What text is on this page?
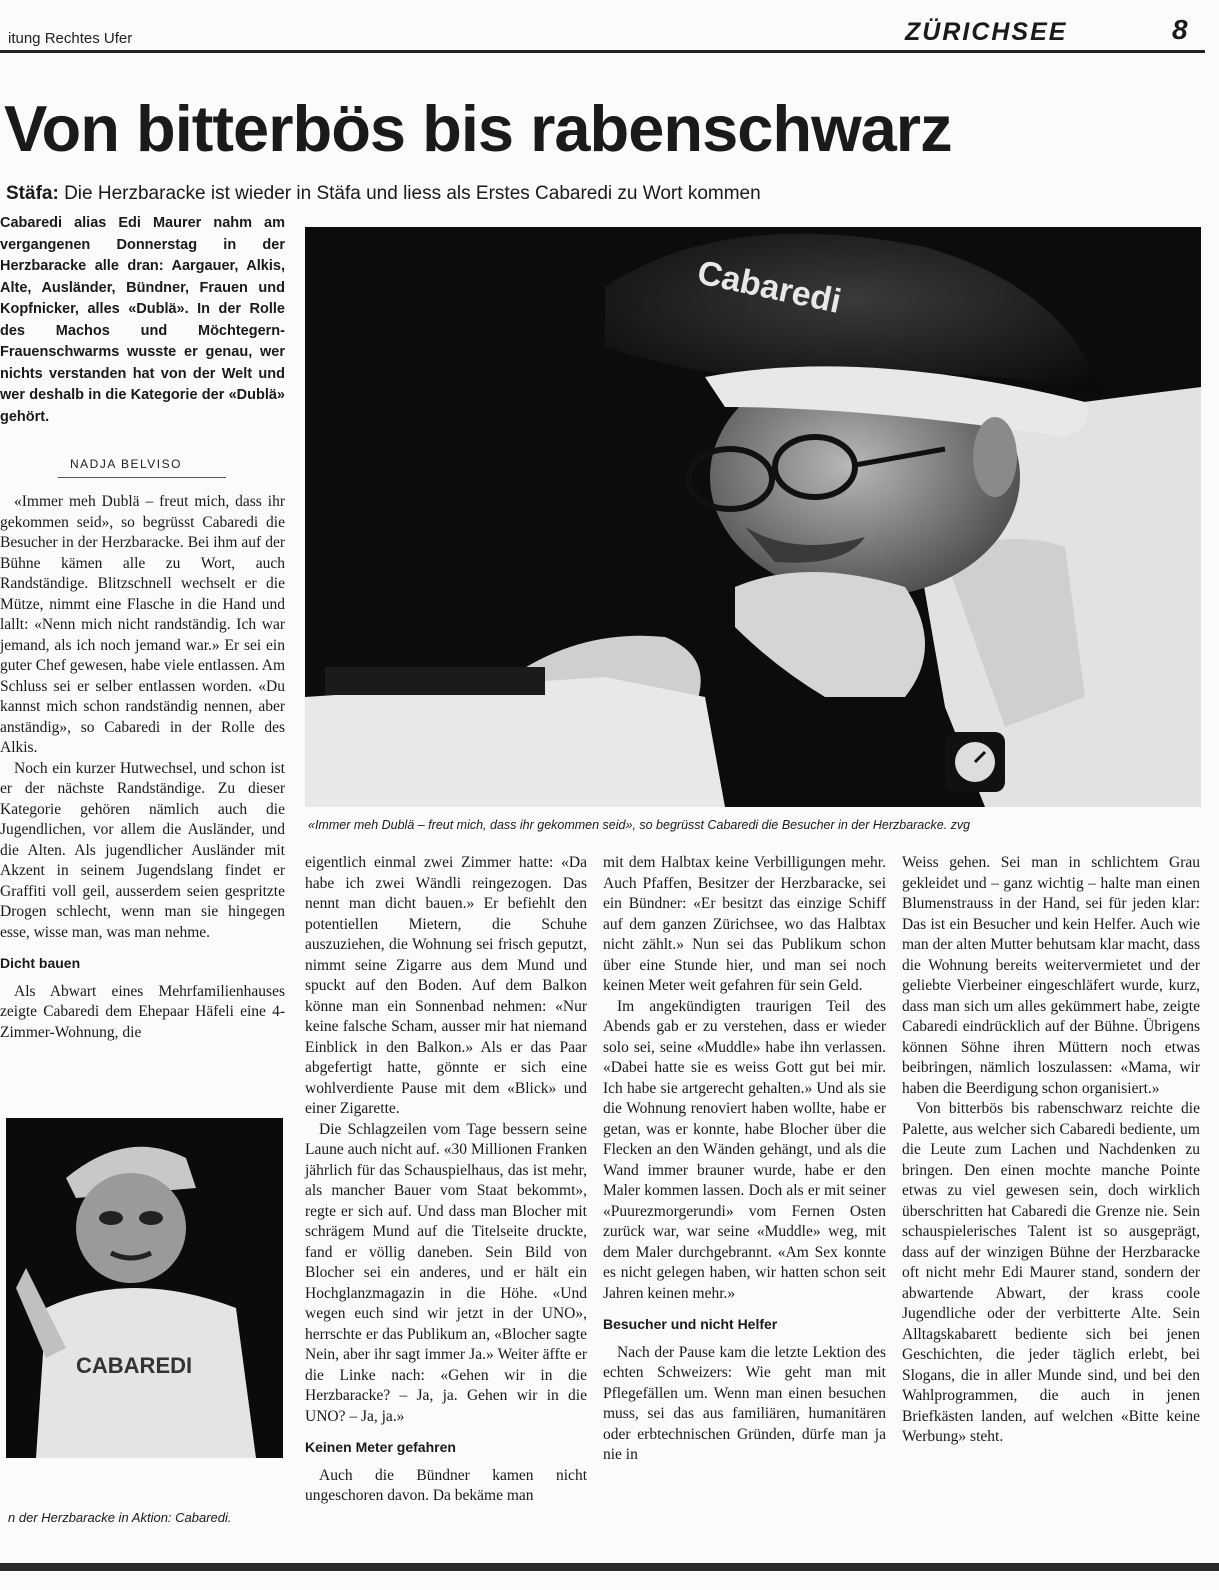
itung Rechtes Ufer	ZÜRICHSEE	8
Von bitterbös bis rabenschwarz
Stäfa: Die Herzbaracke ist wieder in Stäfa und liess als Erstes Cabaredi zu Wort kommen
Cabaredi alias Edi Maurer nahm am vergangenen Donnerstag in der Herzbaracke alle dran: Aargauer, Alkis, Alte, Ausländer, Bündner, Frauen und Kopfnicker, alles «Dublä». In der Rolle des Machos und Möchtegern-Frauenschwarms wusste er genau, wer nichts verstanden hat von der Welt und wer deshalb in die Kategorie der «Dublä» gehört.
NADJA BELVISO
Cabaredi
«Immer meh Dublä – freut mich, dass ihr gekommen seid», so begrüsst Cabaredi die Besucher in der Herzbaracke. zvg
CABAREDI
n der Herzbaracke in Aktion: Cabaredi.

«Immer meh Dublä – freut mich, dass ihr gekommen seid», so begrüsst Cabaredi die Besucher in der Herzbaracke. Bei ihm auf der Bühne kämen alle zu Wort, auch Randständige. Blitzschnell wechselt er die Mütze, nimmt eine Flasche in die Hand und lallt: «Nenn mich nicht randständig. Ich war jemand, als ich noch jemand war.» Er sei ein guter Chef gewesen, habe viele entlassen. Am Schluss sei er selber entlassen worden. «Du kannst mich schon randständig nennen, aber anständig», so Cabaredi in der Rolle des Alkis.

Noch ein kurzer Hutwechsel, und schon ist er der nächste Randständige. Zu dieser Kategorie gehören nämlich auch die Jugendlichen, vor allem die Ausländer, und die Alten. Als jugendlicher Ausländer mit Akzent in seinem Jugendslang findet er Graffiti voll geil, ausserdem seien gespritzte Drogen schlecht, wenn man sie hingegen esse, wisse man, was man nehme.

Dicht bauen

Als Abwart eines Mehrfamilienhauses zeigte Cabaredi dem Ehepaar Häfeli eine 4-Zimmer-Wohnung, die

eigentlich einmal zwei Zimmer hatte: «Da habe ich zwei Wändli reingezogen. Das nennt man dicht bauen.» Er befiehlt den potentiellen Mietern, die Schuhe auszuziehen, die Wohnung sei frisch geputzt, nimmt seine Zigarre aus dem Mund und spuckt auf den Boden. Auf dem Balkon könne man ein Sonnenbad nehmen: «Nur keine falsche Scham, ausser mir hat niemand Einblick in den Balkon.» Als er das Paar abgefertigt hatte, gönnte er sich eine wohlverdiente Pause mit dem «Blick» und einer Zigarette.

Die Schlagzeilen vom Tage bessern seine Laune auch nicht auf. «30 Millionen Franken jährlich für das Schauspielhaus, das ist mehr, als mancher Bauer vom Staat bekommt», regte er sich auf. Und dass man Blocher mit schrägem Mund auf die Titelseite druckte, fand er völlig daneben. Sein Bild von Blocher sei ein anderes, und er hält ein Hochglanzmagazin in die Höhe. «Und wegen euch sind wir jetzt in der UNO», herrschte er das Publikum an, «Blocher sagte Nein, aber ihr sagt immer Ja.» Weiter äffte er die Linke nach: «Gehen wir in die Herzbaracke? – Ja, ja. Gehen wir in die UNO? – Ja, ja.»

Keinen Meter gefahren

Auch die Bündner kamen nicht ungeschoren davon. Da bekäme man

mit dem Halbtax keine Verbilligungen mehr. Auch Pfaffen, Besitzer der Herzbaracke, sei ein Bündner: «Er besitzt das einzige Schiff auf dem ganzen Zürichsee, wo das Halbtax nicht zählt.» Nun sei das Publikum schon über eine Stunde hier, und man sei noch keinen Meter weit gefahren für sein Geld.

Im angekündigten traurigen Teil des Abends gab er zu verstehen, dass er wieder solo sei, seine «Muddle» habe ihn verlassen. «Dabei hatte sie es weiss Gott gut bei mir. Ich habe sie artgerecht gehalten.» Und als sie die Wohnung renoviert haben wollte, habe er getan, was er konnte, habe Blocher über die Flecken an den Wänden gehängt, und als die Wand immer brauner wurde, habe er den Maler kommen lassen. Doch als er mit seiner «Puurezmorgerundi» vom Fernen Osten zurück war, war seine «Muddle» weg, mit dem Maler durchgebrannt. «Am Sex konnte es nicht gelegen haben, wir hatten schon seit Jahren keinen mehr.»

Besucher und nicht Helfer

Nach der Pause kam die letzte Lektion des echten Schweizers: Wie geht man mit Pflegefällen um. Wenn man einen besuchen muss, sei das aus familiären, humanitären oder erbtechnischen Gründen, dürfe man ja nie in

Weiss gehen. Sei man in schlichtem Grau gekleidet und – ganz wichtig – halte man einen Blumenstrauss in der Hand, sei für jeden klar: Das ist ein Besucher und kein Helfer. Auch wie man der alten Mutter behutsam klar macht, dass die Wohnung bereits weitervermietet und der geliebte Vierbeiner eingeschläfert wurde, kurz, dass man sich um alles gekümmert habe, zeigte Cabaredi eindrücklich auf der Bühne. Übrigens können Söhne ihren Müttern noch etwas beibringen, nämlich loszulassen: «Mama, wir haben die Beerdigung schon organisiert.»

Von bitterbös bis rabenschwarz reichte die Palette, aus welcher sich Cabaredi bediente, um die Leute zum Lachen und Nachdenken zu bringen. Den einen mochte manche Pointe etwas zu viel gewesen sein, doch wirklich überschritten hat Cabaredi die Grenze nie. Sein schauspielerisches Talent ist so ausgeprägt, dass auf der winzigen Bühne der Herzbaracke oft nicht mehr Edi Maurer stand, sondern der abwartende Abwart, der krass coole Jugendliche oder der verbitterte Alte. Sein Alltagskabarett bediente sich bei jenen Geschichten, die jeder täglich erlebt, bei Slogans, die in aller Munde sind, und bei den Wahlprogrammen, die auch in jenen Briefkästen landen, auf welchen «Bitte keine Werbung» steht.
